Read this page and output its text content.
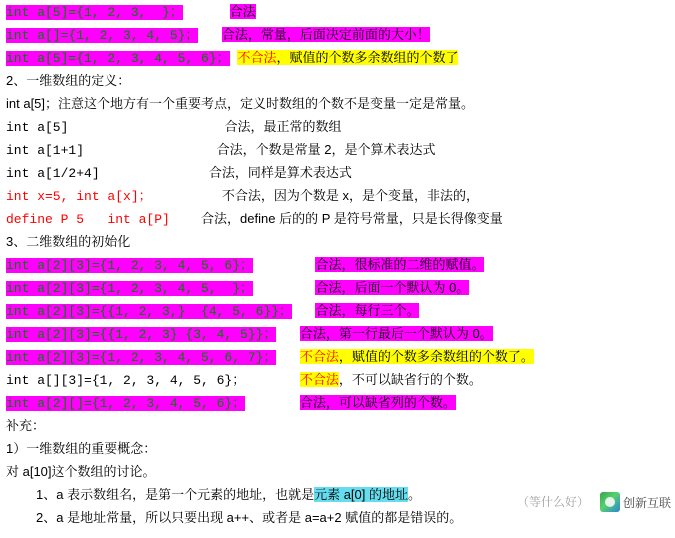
int a[5]={1, 2, 3,  }；	合法
int a[]={1, 2, 3, 4, 5}； 合法，常量，后面决定前面的大小！
int a[5]={1, 2, 3, 4, 5, 6}； 不合法，赋值的个数多余数组的个数了
2、一维数组的定义：
int a[5]；注意这个地方有一个重要考点，定义时数组的个数不是变量一定是常量。
int a[5]	合法，最正常的数组
int a[1+1]	合法，个数是常量 2，是个算术表达式
int a[1/2+4]	合法，同样是算术表达式
int x=5, int a[x]；	不合法，因为个数是 x，是个变量，非法的，
define P 5   int a[P] 合法，define 后的的 P 是符号常量，只是长得像变量
3、二维数组的初始化
int a[2][3]={1, 2, 3, 4, 5, 6}；	合法，很标准的二维的赋值。
int a[2][3]={1, 2, 3, 4, 5,  }；	合法，后面一个默认为 0。
int a[2][3]={{1, 2, 3,}  {4, 5, 6}}； 合法，每行三个。
int a[2][3]={{1, 2, 3} {3, 4, 5}}； 合法，第一行最后一个默认为 0。
int a[2][3]={1, 2, 3, 4, 5, 6, 7}； 不合法，赋值的个数多余数组的个数了。
int a[][3]={1, 2, 3, 4, 5, 6}；	不合法，不可以缺省行的个数。
int a[2][]={1, 2, 3, 4, 5, 6}；	合法，可以缺省列的个数。
补充：
1）一维数组的重要概念：
对 a[10]这个数组的讨论。
1、a 表示数组名，是第一个元素的地址，也就是元素 a[0] 的地址。
2、a 是地址常量，所以只要出现 a++、或者是 a=a+2 赋值的都是错误的。
（等什么好）	创新互联
